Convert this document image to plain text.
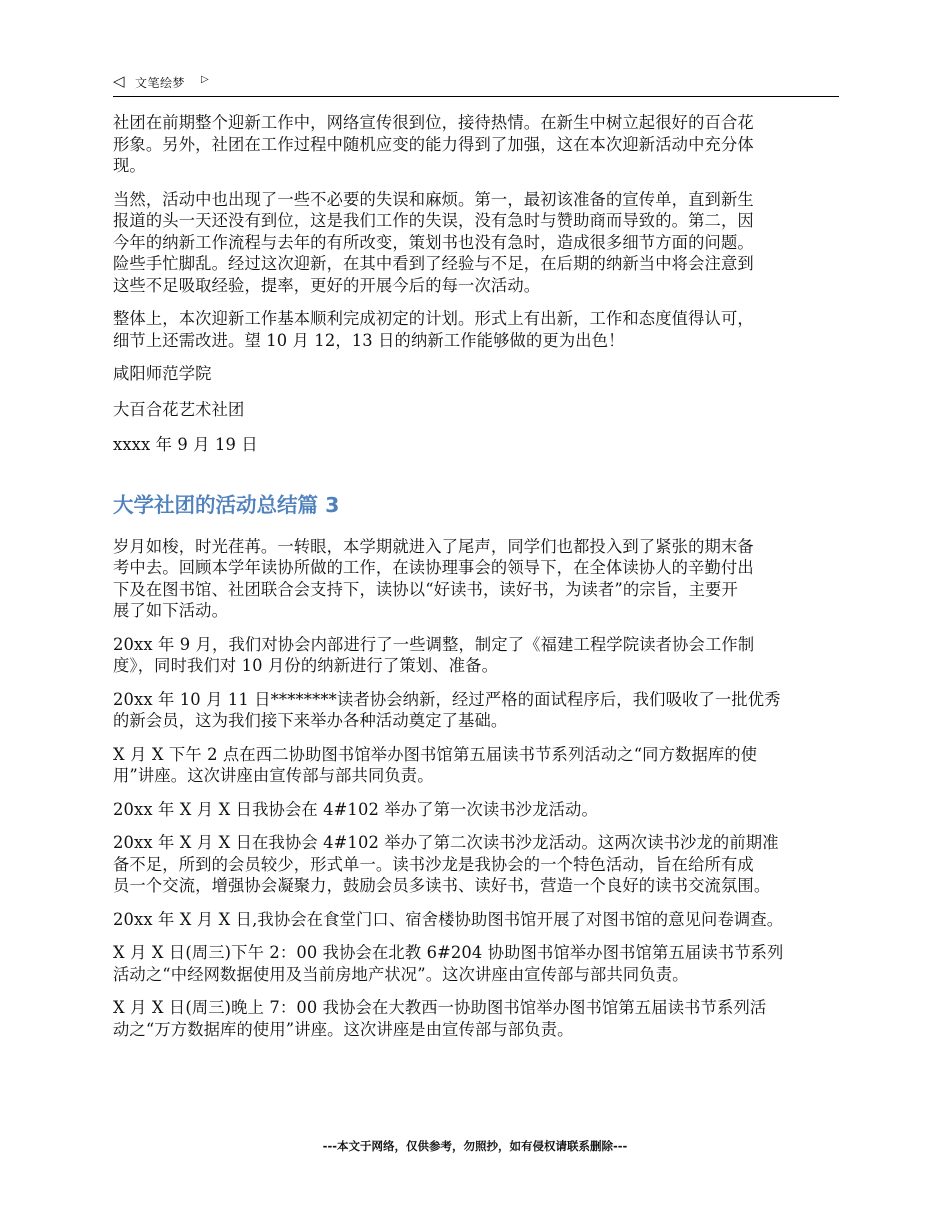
◁ 文笔绘梦 ▷

社团在前期整个迎新工作中，网络宣传很到位，接待热情。在新生中树立起很好的百合花
形象。另外，社团在工作过程中随机应变的能力得到了加强，这在本次迎新活动中充分体
现。

当然，活动中也出现了一些不必要的失误和麻烦。第一，最初该准备的宣传单，直到新生
报道的头一天还没有到位，这是我们工作的失误，没有急时与赞助商而导致的。第二，因
今年的纳新工作流程与去年的有所改变，策划书也没有急时，造成很多细节方面的问题。
险些手忙脚乱。经过这次迎新，在其中看到了经验与不足，在后期的纳新当中将会注意到
这些不足吸取经验，提率，更好的开展今后的每一次活动。

整体上，本次迎新工作基本顺利完成初定的计划。形式上有出新，工作和态度值得认可，
细节上还需改进。望 10 月 12，13 日的纳新工作能够做的更为出色！

咸阳师范学院

大百合花艺术社团

xxxx 年 9 月 19 日

大学社团的活动总结篇 3

岁月如梭，时光荏苒。一转眼，本学期就进入了尾声，同学们也都投入到了紧张的期末备
考中去。回顾本学年读协所做的工作，在读协理事会的领导下，在全体读协人的辛勤付出
下及在图书馆、社团联合会支持下，读协以“好读书，读好书，为读者”的宗旨，主要开
展了如下活动。

20xx 年 9 月，我们对协会内部进行了一些调整，制定了《福建工程学院读者协会工作制
度》，同时我们对 10 月份的纳新进行了策划、准备。

20xx 年 10 月 11 日********读者协会纳新，经过严格的面试程序后，我们吸收了一批优秀
的新会员，这为我们接下来举办各种活动奠定了基础。

X 月 X 下午 2 点在西二协助图书馆举办图书馆第五届读书节系列活动之“同方数据库的使
用”讲座。这次讲座由宣传部与部共同负责。

20xx 年 X 月 X 日我协会在 4#102 举办了第一次读书沙龙活动。

20xx 年 X 月 X 日在我协会 4#102 举办了第二次读书沙龙活动。这两次读书沙龙的前期准
备不足，所到的会员较少，形式单一。读书沙龙是我协会的一个特色活动，旨在给所有成
员一个交流，增强协会凝聚力，鼓励会员多读书、读好书，营造一个良好的读书交流氛围。

20xx 年 X 月 X 日,我协会在食堂门口、宿舍楼协助图书馆开展了对图书馆的意见问卷调查。

X 月 X 日(周三)下午 2：00 我协会在北教 6#204 协助图书馆举办图书馆第五届读书节系列
活动之“中经网数据使用及当前房地产状况”。这次讲座由宣传部与部共同负责。

X 月 X 日(周三)晚上 7：00 我协会在大教西一协助图书馆举办图书馆第五届读书节系列活
动之“万方数据库的使用”讲座。这次讲座是由宣传部与部负责。

---本文于网络，仅供参考，勿照抄，如有侵权请联系删除---
